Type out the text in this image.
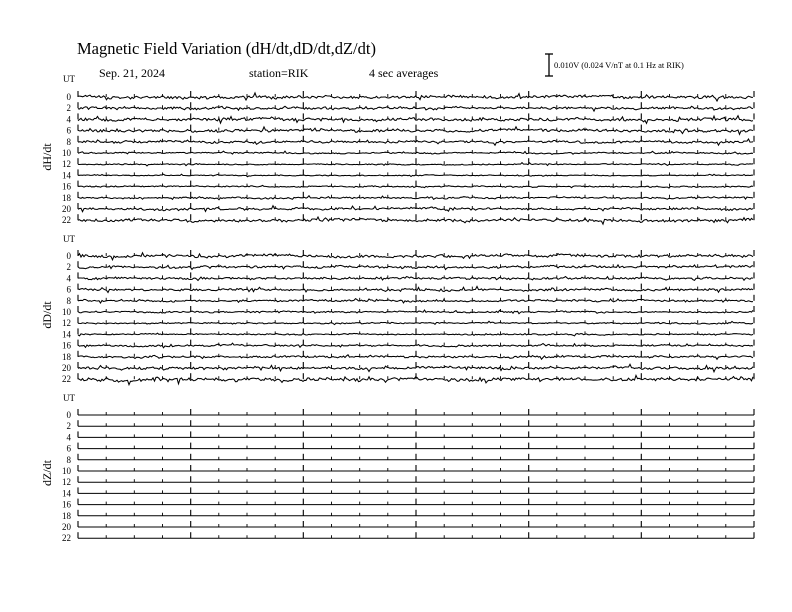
Magnetic Field Variation (dH/dt,dD/dt,dZ/dt)
Sep. 21, 2024	station=RIK	4 sec averages
0.010V (0.024 V/nT at 0.1 Hz at RIK)
UT
dH/dt
0
2
4
6
8
10
12
14
16
18
20
22
UT
dD/dt
0
2
4
6
8
10
12
14
16
18
20
22
UT
dZ/dt
0
2
4
6
8
10
12
14
16
18
20
22
